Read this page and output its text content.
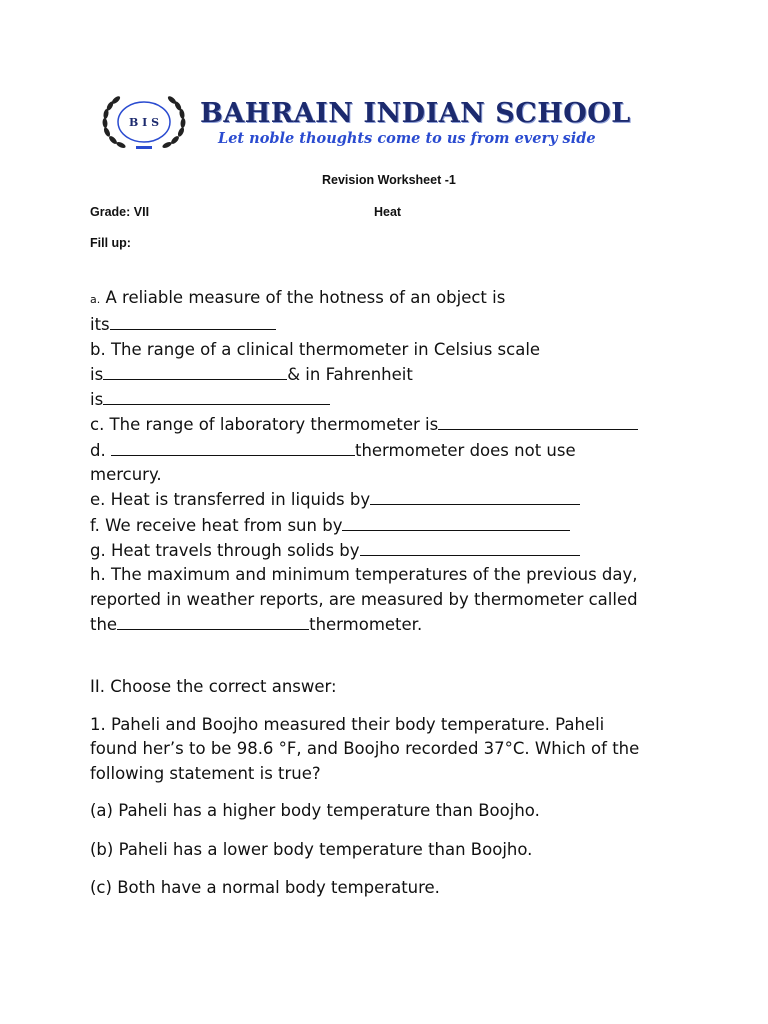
B I S BAHRAIN INDIAN SCHOOL
Let noble thoughts come to us from every side
Revision Worksheet -1
Grade: VII	Heat
Fill up:
a. A reliable measure of the hotness of an object is
its
b. The range of a clinical thermometer in Celsius scale
is	& in Fahrenheit
is
c. The range of laboratory thermometer is
d.	thermometer does not use
mercury.
e. Heat is transferred in liquids by
f. We receive heat from sun by
g. Heat travels through solids by
h. The maximum and minimum temperatures of the previous day,
reported in weather reports, are measured by thermometer called
the	thermometer.
II. Choose the correct answer:
1. Paheli and Boojho measured their body temperature. Paheli
found her’s to be 98.6 °F, and Boojho recorded 37°C. Which of the
following statement is true?
(a) Paheli has a higher body temperature than Boojho.
(b) Paheli has a lower body temperature than Boojho.
(c) Both have a normal body temperature.
